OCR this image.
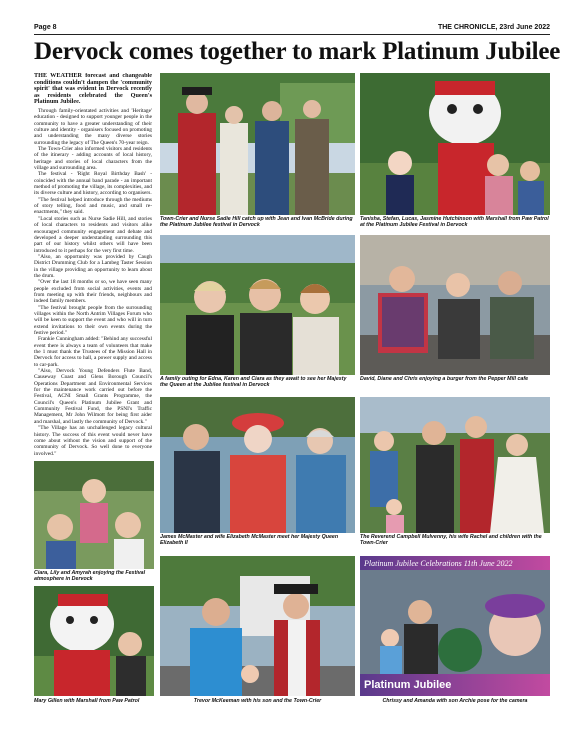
Page 8	THE CHRONICLE, 23rd June 2022
Dervock comes together to mark Platinum Jubilee
THE WEATHER forecast and changeable conditions couldn't dampen the 'community spirit' that was evident in Dervock recently as residents celebrated the Queen's Platinum Jubilee.

Through family-orientated activities and 'Heritage' education - designed to support younger people in the community to have a greater understanding of their culture and identity - organisers focused on promoting and understanding the many diverse stories surrounding the legacy of The Queen's 70-year reign.

The Town-Crier also informed visitors and residents of the itinerary - adding accounts of local history, heritage and stories of local characters from the village and surrounding area.

The festival - 'Right Royal Birthday Bash' - coincided with the annual band parade - an important method of promoting the village, its complexities, and its diverse culture and history, according to organisers.

"The festival helped introduce through the mediums of story telling, food and music, and small re-enactments," they said.

"Local stories such as Nurse Sadie Hill, and stories of local characters to residents and visitors alike encouraged community engagement and debate and developed a deeper understanding surrounding this part of our history whilst others will have been introduced to it perhaps for the very first time.

"Also, an opportunity was provided by Caugh District Drumming Club for a Lambeg Taster Session in the village providing an opportunity to learn about the drum.

"Over the last 18 months or so, we have seen many people excluded from social activities, events and from meeting up with their friends, neighbours and indeed family members.

"The festival brought people from the surrounding villages within the North Antrim Villages Forum who will be keen to support the event and who will in turn extend invitations to their own events during the festive period."

Frankie Cunningham added: "Behind any successful event there is always a team of volunteers that make the 1 must thank the Trustees of the Mission Hall in Dervock for access to hall, a power supply and access to car-park.

"Also, Dervock Young Defenders Flute Band, Causeway Coast and Glens Borough Council's Operations Department and Environmental Services for the maintenance work carried out before the Festival, ACNI Small Grants Programme, the Council's Queen's Platinum Jubilee Grant and Community Festival Fund, the PSNI's Traffic Management, Mr John Wilmott for being first aider and marshal, and lastly the community of Dervock."

"The Village has an unchallenged legacy cultural history. The success of this event would never have come about without the vision and support of the community of Dervock. So well done to everyone involved."

Town-Crier and Nurse Sadie Hill catch up with Jean and Ivan McBride during the Platinum Jubilee festival in Dervock
Tanisha, Stefan, Lucas, Jasmine Hutchinson with Marshall from Paw Patrol at the Platinum Jubilee Festival in Dervock
A family outing for Edna, Karen and Ciara as they await to see her Majesty the Queen at the Jubilee festival in Dervock
David, Diane and Chris enjoying a burger from the Pepper Mill cafe
James McMaster and wife Elizabeth McMaster meet her Majesty Queen Elizabeth II
The Reverend Campbell Mulvenny, his wife Rachel and children with the Town-Crier
Ciara, Lily and Amyrah enjoying the Festival atmosphere in Dervock
Mary Gillen with Marshall from Paw Patrol	Trevor McKeeman with his son and the Town-Crier
Platinum Jubilee Celebrations 11th June 2022
Platinum Jubilee
Chrissy and Amanda with son Archie pose for the camera
